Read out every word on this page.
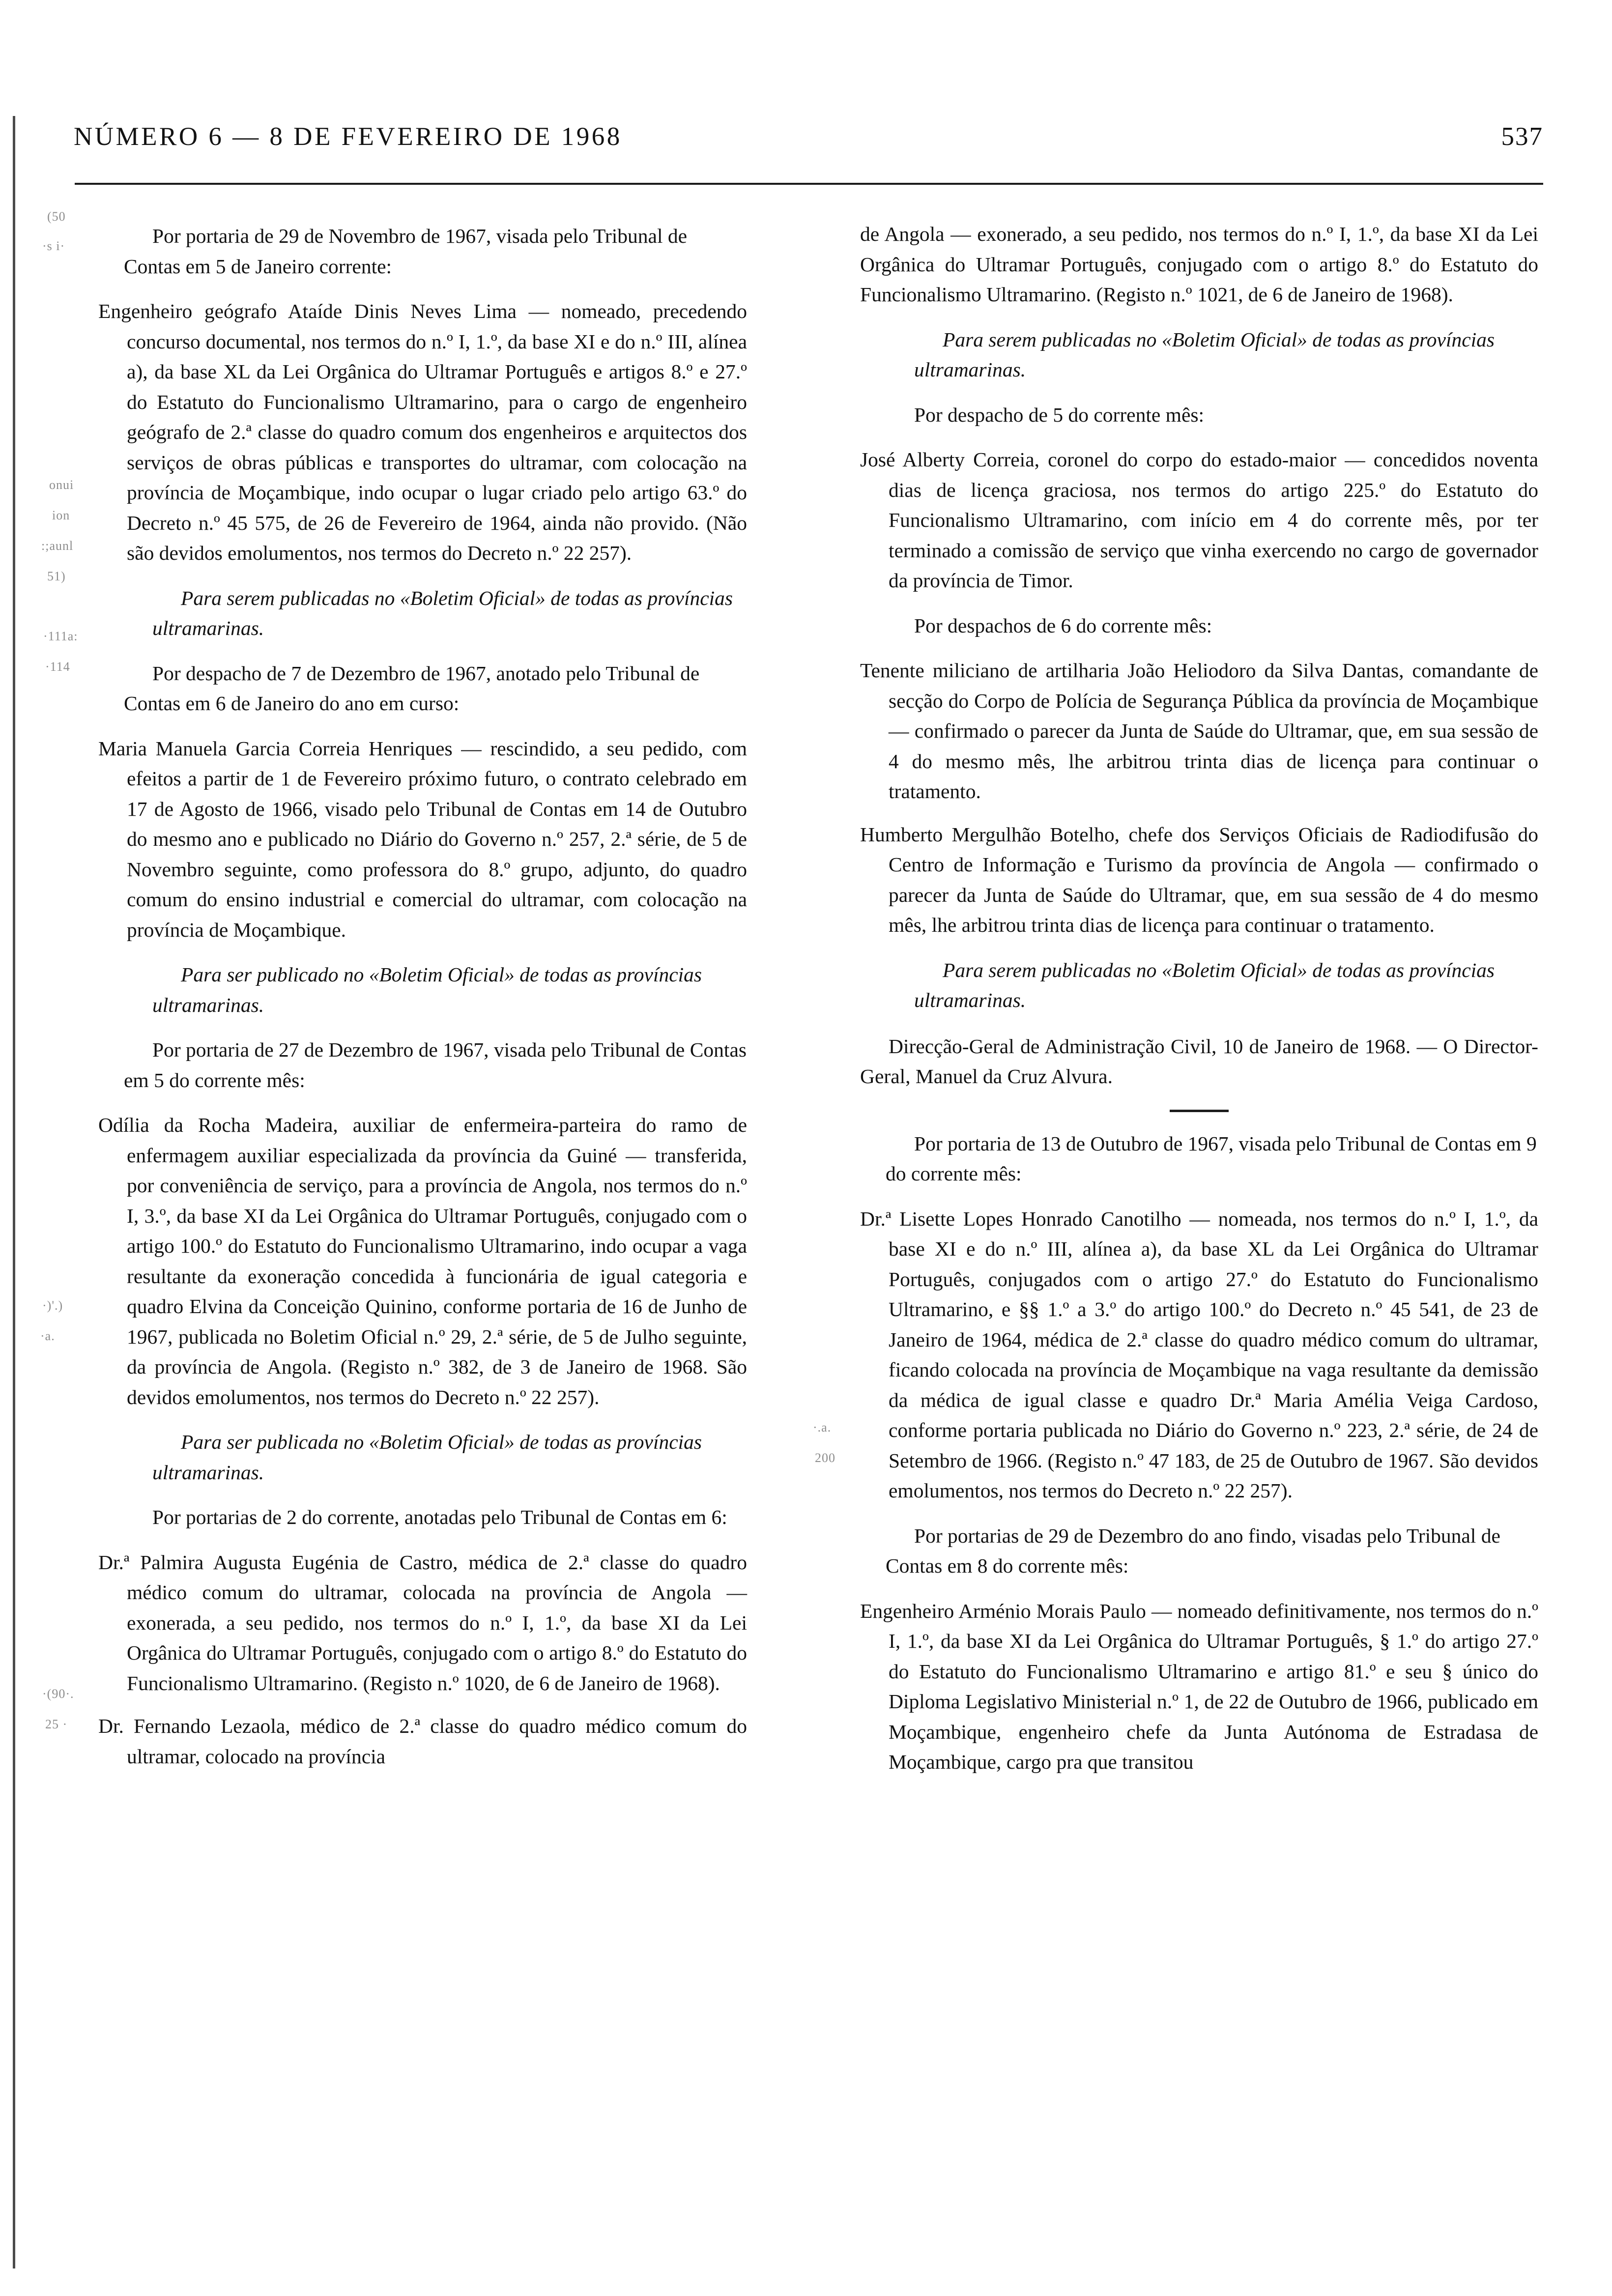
NÚMERO 6 — 8 DE FEVEREIRO DE 1968	537
(50
·s i·
onui
ion
:;aunl
51)
·111a:
·114
·)'.)
·a.
·(90·.
25 ·

Por portaria de 29 de Novembro de 1967, visada pelo Tribunal de Contas em 5 de Janeiro corrente:

Engenheiro geógrafo Ataíde Dinis Neves Lima — nomeado, precedendo concurso documental, nos termos do n.º I, 1.º, da base XI e do n.º III, alínea a), da base XL da Lei Orgânica do Ultramar Português e artigos 8.º e 27.º do Estatuto do Funcionalismo Ultramarino, para o cargo de engenheiro geógrafo de 2.ª classe do quadro comum dos engenheiros e arquitectos dos serviços de obras públicas e transportes do ultramar, com colocação na província de Moçambique, indo ocupar o lugar criado pelo artigo 63.º do Decreto n.º 45 575, de 26 de Fevereiro de 1964, ainda não provido. (Não são devidos emolumentos, nos termos do Decreto n.º 22 257).

Para serem publicadas no «Boletim Oficial» de todas as províncias ultramarinas.

Por despacho de 7 de Dezembro de 1967, anotado pelo Tribunal de Contas em 6 de Janeiro do ano em curso:

Maria Manuela Garcia Correia Henriques — rescindido, a seu pedido, com efeitos a partir de 1 de Fevereiro próximo futuro, o contrato celebrado em 17 de Agosto de 1966, visado pelo Tribunal de Contas em 14 de Outubro do mesmo ano e publicado no Diário do Governo n.º 257, 2.ª série, de 5 de Novembro seguinte, como professora do 8.º grupo, adjunto, do quadro comum do ensino industrial e comercial do ultramar, com colocação na província de Moçambique.

Para ser publicado no «Boletim Oficial» de todas as províncias ultramarinas.

Por portaria de 27 de Dezembro de 1967, visada pelo Tribunal de Contas em 5 do corrente mês:

Odília da Rocha Madeira, auxiliar de enfermeira-parteira do ramo de enfermagem auxiliar especializada da província da Guiné — transferida, por conveniência de serviço, para a província de Angola, nos termos do n.º I, 3.º, da base XI da Lei Orgânica do Ultramar Português, conjugado com o artigo 100.º do Estatuto do Funcionalismo Ultramarino, indo ocupar a vaga resultante da exoneração concedida à funcionária de igual categoria e quadro Elvina da Conceição Quinino, conforme portaria de 16 de Junho de 1967, publicada no Boletim Oficial n.º 29, 2.ª série, de 5 de Julho seguinte, da província de Angola. (Registo n.º 382, de 3 de Janeiro de 1968. São devidos emolumentos, nos termos do Decreto n.º 22 257).

Para ser publicada no «Boletim Oficial» de todas as províncias ultramarinas.

Por portarias de 2 do corrente, anotadas pelo Tribunal de Contas em 6:

Dr.ª Palmira Augusta Eugénia de Castro, médica de 2.ª classe do quadro médico comum do ultramar, colocada na província de Angola — exonerada, a seu pedido, nos termos do n.º I, 1.º, da base XI da Lei Orgânica do Ultramar Português, conjugado com o artigo 8.º do Estatuto do Funcionalismo Ultramarino. (Registo n.º 1020, de 6 de Janeiro de 1968).

Dr. Fernando Lezaola, médico de 2.ª classe do quadro médico comum do ultramar, colocado na província

·.a.
200

de Angola — exonerado, a seu pedido, nos termos do n.º I, 1.º, da base XI da Lei Orgânica do Ultramar Português, conjugado com o artigo 8.º do Estatuto do Funcionalismo Ultramarino. (Registo n.º 1021, de 6 de Janeiro de 1968).

Para serem publicadas no «Boletim Oficial» de todas as províncias ultramarinas.

Por despacho de 5 do corrente mês:

José Alberty Correia, coronel do corpo do estado-maior — concedidos noventa dias de licença graciosa, nos termos do artigo 225.º do Estatuto do Funcionalismo Ultramarino, com início em 4 do corrente mês, por ter terminado a comissão de serviço que vinha exercendo no cargo de governador da província de Timor.

Por despachos de 6 do corrente mês:

Tenente miliciano de artilharia João Heliodoro da Silva Dantas, comandante de secção do Corpo de Polícia de Segurança Pública da província de Moçambique — confirmado o parecer da Junta de Saúde do Ultramar, que, em sua sessão de 4 do mesmo mês, lhe arbitrou trinta dias de licença para continuar o tratamento.

Humberto Mergulhão Botelho, chefe dos Serviços Oficiais de Radiodifusão do Centro de Informação e Turismo da província de Angola — confirmado o parecer da Junta de Saúde do Ultramar, que, em sua sessão de 4 do mesmo mês, lhe arbitrou trinta dias de licença para continuar o tratamento.

Para serem publicadas no «Boletim Oficial» de todas as províncias ultramarinas.

Direcção-Geral de Administração Civil, 10 de Janeiro de 1968. — O Director-Geral, Manuel da Cruz Alvura.

Por portaria de 13 de Outubro de 1967, visada pelo Tribunal de Contas em 9 do corrente mês:

Dr.ª Lisette Lopes Honrado Canotilho — nomeada, nos termos do n.º I, 1.º, da base XI e do n.º III, alínea a), da base XL da Lei Orgânica do Ultramar Português, conjugados com o artigo 27.º do Estatuto do Funcionalismo Ultramarino, e §§ 1.º a 3.º do artigo 100.º do Decreto n.º 45 541, de 23 de Janeiro de 1964, médica de 2.ª classe do quadro médico comum do ultramar, ficando colocada na província de Moçambique na vaga resultante da demissão da médica de igual classe e quadro Dr.ª Maria Amélia Veiga Cardoso, conforme portaria publicada no Diário do Governo n.º 223, 2.ª série, de 24 de Setembro de 1966. (Registo n.º 47 183, de 25 de Outubro de 1967. São devidos emolumentos, nos termos do Decreto n.º 22 257).

Por portarias de 29 de Dezembro do ano findo, visadas pelo Tribunal de Contas em 8 do corrente mês:

Engenheiro Arménio Morais Paulo — nomeado definitivamente, nos termos do n.º I, 1.º, da base XI da Lei Orgânica do Ultramar Português, § 1.º do artigo 27.º do Estatuto do Funcionalismo Ultramarino e artigo 81.º e seu § único do Diploma Legislativo Ministerial n.º 1, de 22 de Outubro de 1966, publicado em Moçambique, engenheiro chefe da Junta Autónoma de Estradasa de Moçambique, cargo pra que transitou
